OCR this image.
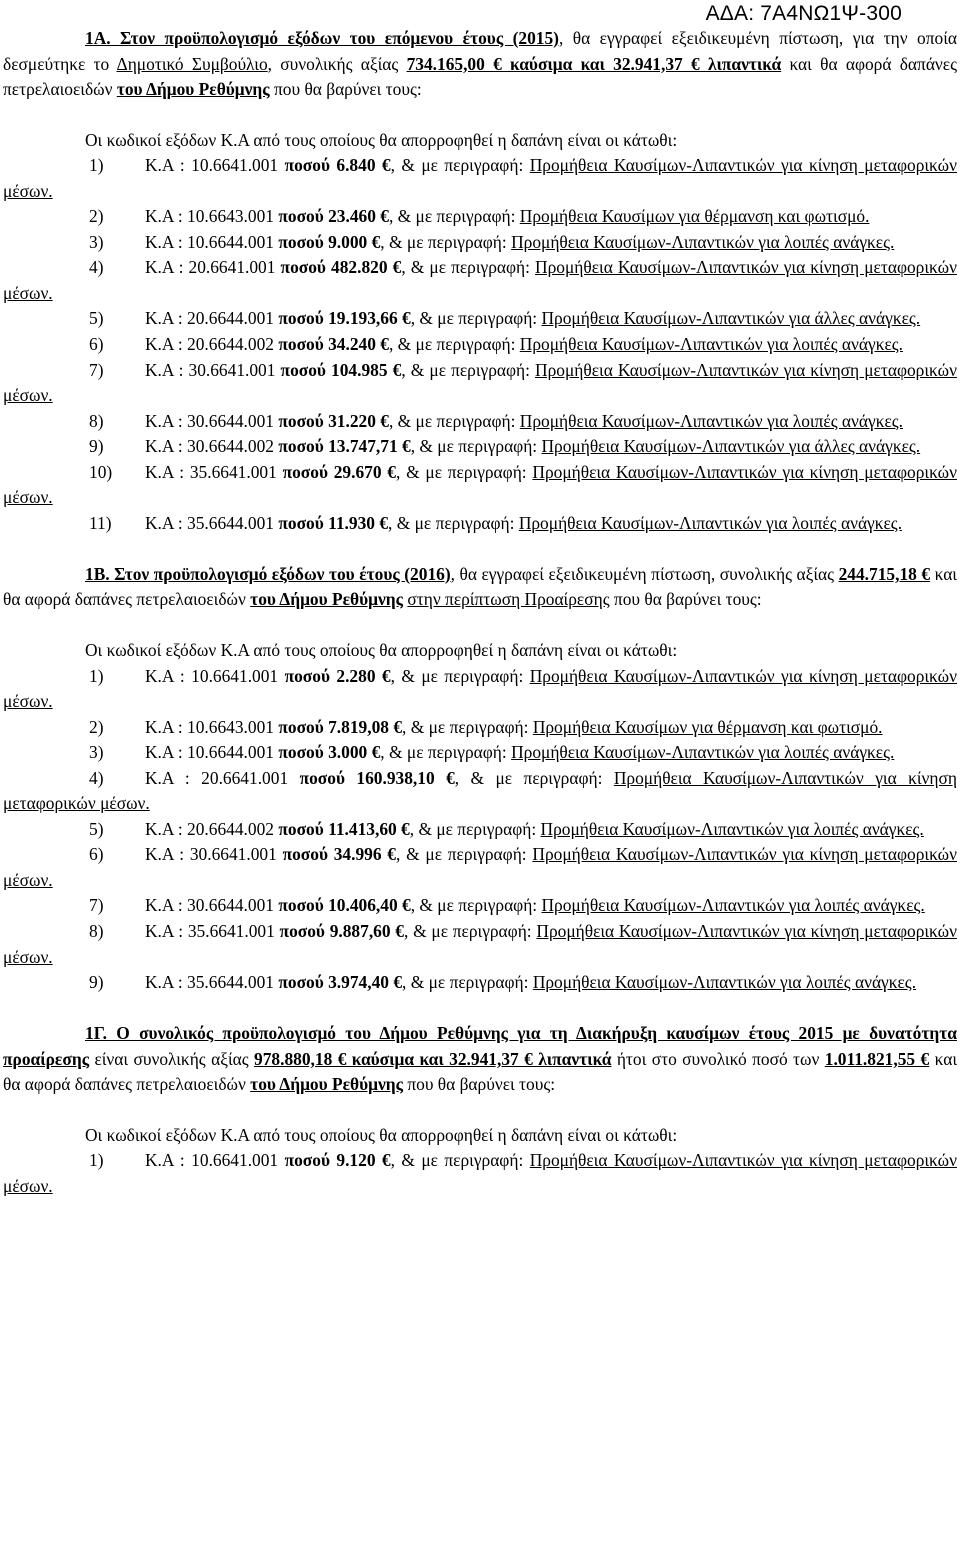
ΑΔΑ: 7Α4ΝΩ1Ψ-300
1Α. Στον προϋπολογισμό εξόδων του επόμενου έτους (2015), θα εγγραφεί εξειδικευμένη πίστωση, για την οποία δεσμεύτηκε το Δημοτικό Συμβούλιο, συνολικής αξίας 734.165,00 € καύσιμα και 32.941,37 € λιπαντικά και θα αφορά δαπάνες πετρελαιοειδών του Δήμου Ρεθύμνης που θα βαρύνει τους:
Οι κωδικοί εξόδων Κ.Α από τους οποίους θα απορροφηθεί η δαπάνη είναι οι κάτωθι:
1) Κ.Α : 10.6641.001 ποσού 6.840 €, & με περιγραφή: Προμήθεια Καυσίμων-Λιπαντικών για κίνηση μεταφορικών μέσων.
2) Κ.Α : 10.6643.001 ποσού 23.460 €, & με περιγραφή: Προμήθεια Καυσίμων για θέρμανση και φωτισμό.
3) Κ.Α : 10.6644.001 ποσού 9.000 €, & με περιγραφή: Προμήθεια Καυσίμων-Λιπαντικών για λοιπές ανάγκες.
4) Κ.Α : 20.6641.001 ποσού 482.820 €, & με περιγραφή: Προμήθεια Καυσίμων-Λιπαντικών για κίνηση μεταφορικών μέσων.
5) Κ.Α : 20.6644.001 ποσού 19.193,66 €, & με περιγραφή: Προμήθεια Καυσίμων-Λιπαντικών για άλλες ανάγκες.
6) Κ.Α : 20.6644.002 ποσού 34.240 €, & με περιγραφή: Προμήθεια Καυσίμων-Λιπαντικών για λοιπές ανάγκες.
7) Κ.Α : 30.6641.001 ποσού 104.985 €, & με περιγραφή: Προμήθεια Καυσίμων-Λιπαντικών για κίνηση μεταφορικών μέσων.
8) Κ.Α : 30.6644.001 ποσού 31.220 €, & με περιγραφή: Προμήθεια Καυσίμων-Λιπαντικών για λοιπές ανάγκες.
9) Κ.Α : 30.6644.002 ποσού 13.747,71 €, & με περιγραφή: Προμήθεια Καυσίμων-Λιπαντικών για άλλες ανάγκες.
10) Κ.Α : 35.6641.001 ποσού 29.670 €, & με περιγραφή: Προμήθεια Καυσίμων-Λιπαντικών για κίνηση μεταφορικών μέσων.
11) Κ.Α : 35.6644.001 ποσού 11.930 €, & με περιγραφή: Προμήθεια Καυσίμων-Λιπαντικών για λοιπές ανάγκες.
1Β. Στον προϋπολογισμό εξόδων του έτους (2016), θα εγγραφεί εξειδικευμένη πίστωση, συνολικής αξίας 244.715,18 € και θα αφορά δαπάνες πετρελαιοειδών του Δήμου Ρεθύμνης στην περίπτωση Προαίρεσης που θα βαρύνει τους:
Οι κωδικοί εξόδων Κ.Α από τους οποίους θα απορροφηθεί η δαπάνη είναι οι κάτωθι:
1) Κ.Α : 10.6641.001 ποσού 2.280 €, & με περιγραφή: Προμήθεια Καυσίμων-Λιπαντικών για κίνηση μεταφορικών μέσων.
2) Κ.Α : 10.6643.001 ποσού 7.819,08 €, & με περιγραφή: Προμήθεια Καυσίμων για θέρμανση και φωτισμό.
3) Κ.Α : 10.6644.001 ποσού 3.000 €, & με περιγραφή: Προμήθεια Καυσίμων-Λιπαντικών για λοιπές ανάγκες.
4) Κ.Α : 20.6641.001 ποσού 160.938,10 €, & με περιγραφή: Προμήθεια Καυσίμων-Λιπαντικών για κίνηση μεταφορικών μέσων.
5) Κ.Α : 20.6644.002 ποσού 11.413,60 €, & με περιγραφή: Προμήθεια Καυσίμων-Λιπαντικών για λοιπές ανάγκες.
6) Κ.Α : 30.6641.001 ποσού 34.996 €, & με περιγραφή: Προμήθεια Καυσίμων-Λιπαντικών για κίνηση μεταφορικών μέσων.
7) Κ.Α : 30.6644.001 ποσού 10.406,40 €, & με περιγραφή: Προμήθεια Καυσίμων-Λιπαντικών για λοιπές ανάγκες.
8) Κ.Α : 35.6641.001 ποσού 9.887,60 €, & με περιγραφή: Προμήθεια Καυσίμων-Λιπαντικών για κίνηση μεταφορικών μέσων.
9) Κ.Α : 35.6644.001 ποσού 3.974,40 €, & με περιγραφή: Προμήθεια Καυσίμων-Λιπαντικών για λοιπές ανάγκες.
1Γ. Ο συνολικός προϋπολογισμό του Δήμου Ρεθύμνης για τη Διακήρυξη καυσίμων έτους 2015 με δυνατότητα προαίρεσης είναι συνολικής αξίας 978.880,18 € καύσιμα και 32.941,37 € λιπαντικά ήτοι στο συνολικό ποσό των 1.011.821,55 € και θα αφορά δαπάνες πετρελαιοειδών του Δήμου Ρεθύμνης που θα βαρύνει τους:
Οι κωδικοί εξόδων Κ.Α από τους οποίους θα απορροφηθεί η δαπάνη είναι οι κάτωθι:
1) Κ.Α : 10.6641.001 ποσού 9.120 €, & με περιγραφή: Προμήθεια Καυσίμων-Λιπαντικών για κίνηση μεταφορικών μέσων.
